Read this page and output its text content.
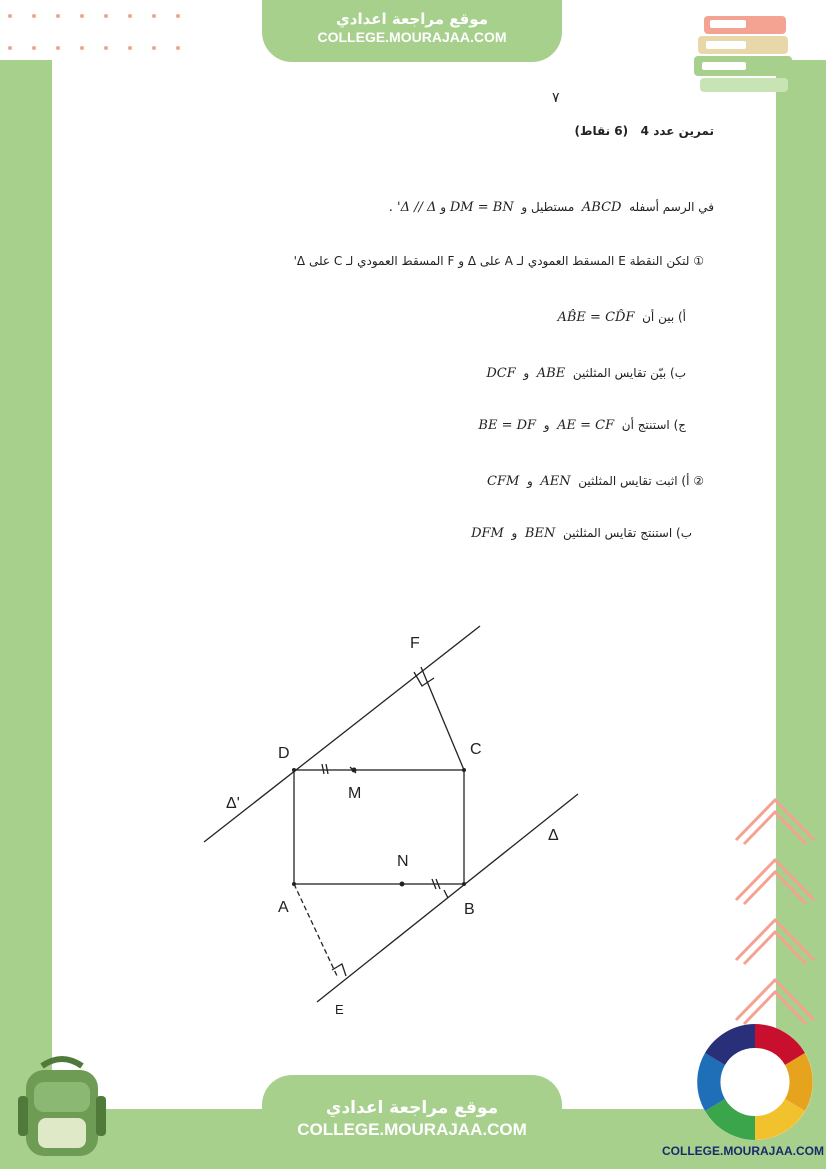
٧
تمرين عدد 4   (6 نقاط)
في الرسم أسفله  ABCD  مستطيل و  DM = BN و Δ // Δ' .
① لتكن النقطة E المسقط العمودي لـ A على Δ و F المسقط العمودي لـ C على Δ'
أ) بين أن  AB̂E = CD̂F
ب) بيّن تقايس المثلثين  ABE  و  DCF
ج) استنتج أن  AE = CF  و  BE = DF
② أ) اثبت تقايس المثلثين  AEN  و  CFM
ب) استنتج تقايس المثلثين  BEN  و  DFM
F
D	C
M
N
A	B
E
Δ
Δ'
موقع مراجعة اعدادي
COLLEGE.MOURAJAA.COM
موقع مراجعة اعدادي
COLLEGE.MOURAJAA.COM
COLLEGE.MOURAJAA.COM
